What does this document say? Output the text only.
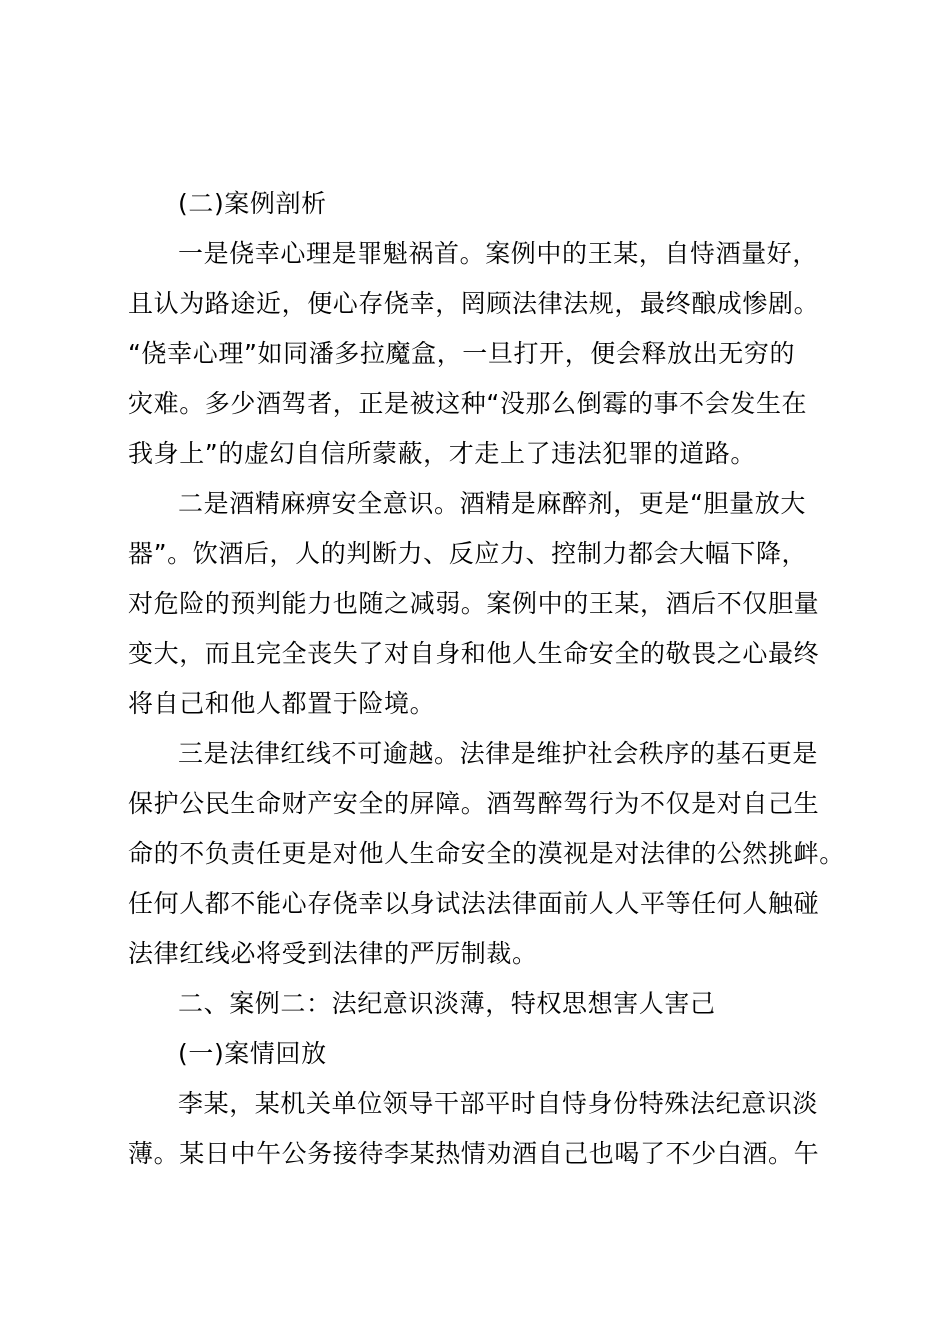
(二)案例剖析
一是侥幸心理是罪魁祸首。案例中的王某，自恃酒量好，
且认为路途近，便心存侥幸，罔顾法律法规，最终酿成惨剧。
“侥幸心理”如同潘多拉魔盒，一旦打开，便会释放出无穷的
灾难。多少酒驾者，正是被这种“没那么倒霉的事不会发生在
我身上”的虚幻自信所蒙蔽，才走上了违法犯罪的道路。
二是酒精麻痹安全意识。酒精是麻醉剂，更是“胆量放大
器”。饮酒后，人的判断力、反应力、控制力都会大幅下降，
对危险的预判能力也随之减弱。案例中的王某，酒后不仅胆量
变大，而且完全丧失了对自身和他人生命安全的敬畏之心最终
将自己和他人都置于险境。
三是法律红线不可逾越。法律是维护社会秩序的基石更是
保护公民生命财产安全的屏障。酒驾醉驾行为不仅是对自己生
命的不负责任更是对他人生命安全的漠视是对法律的公然挑衅。
任何人都不能心存侥幸以身试法法律面前人人平等任何人触碰
法律红线必将受到法律的严厉制裁。
二、案例二：法纪意识淡薄，特权思想害人害己
(一)案情回放
李某，某机关单位领导干部平时自恃身份特殊法纪意识淡
薄。某日中午公务接待李某热情劝酒自己也喝了不少白酒。午
